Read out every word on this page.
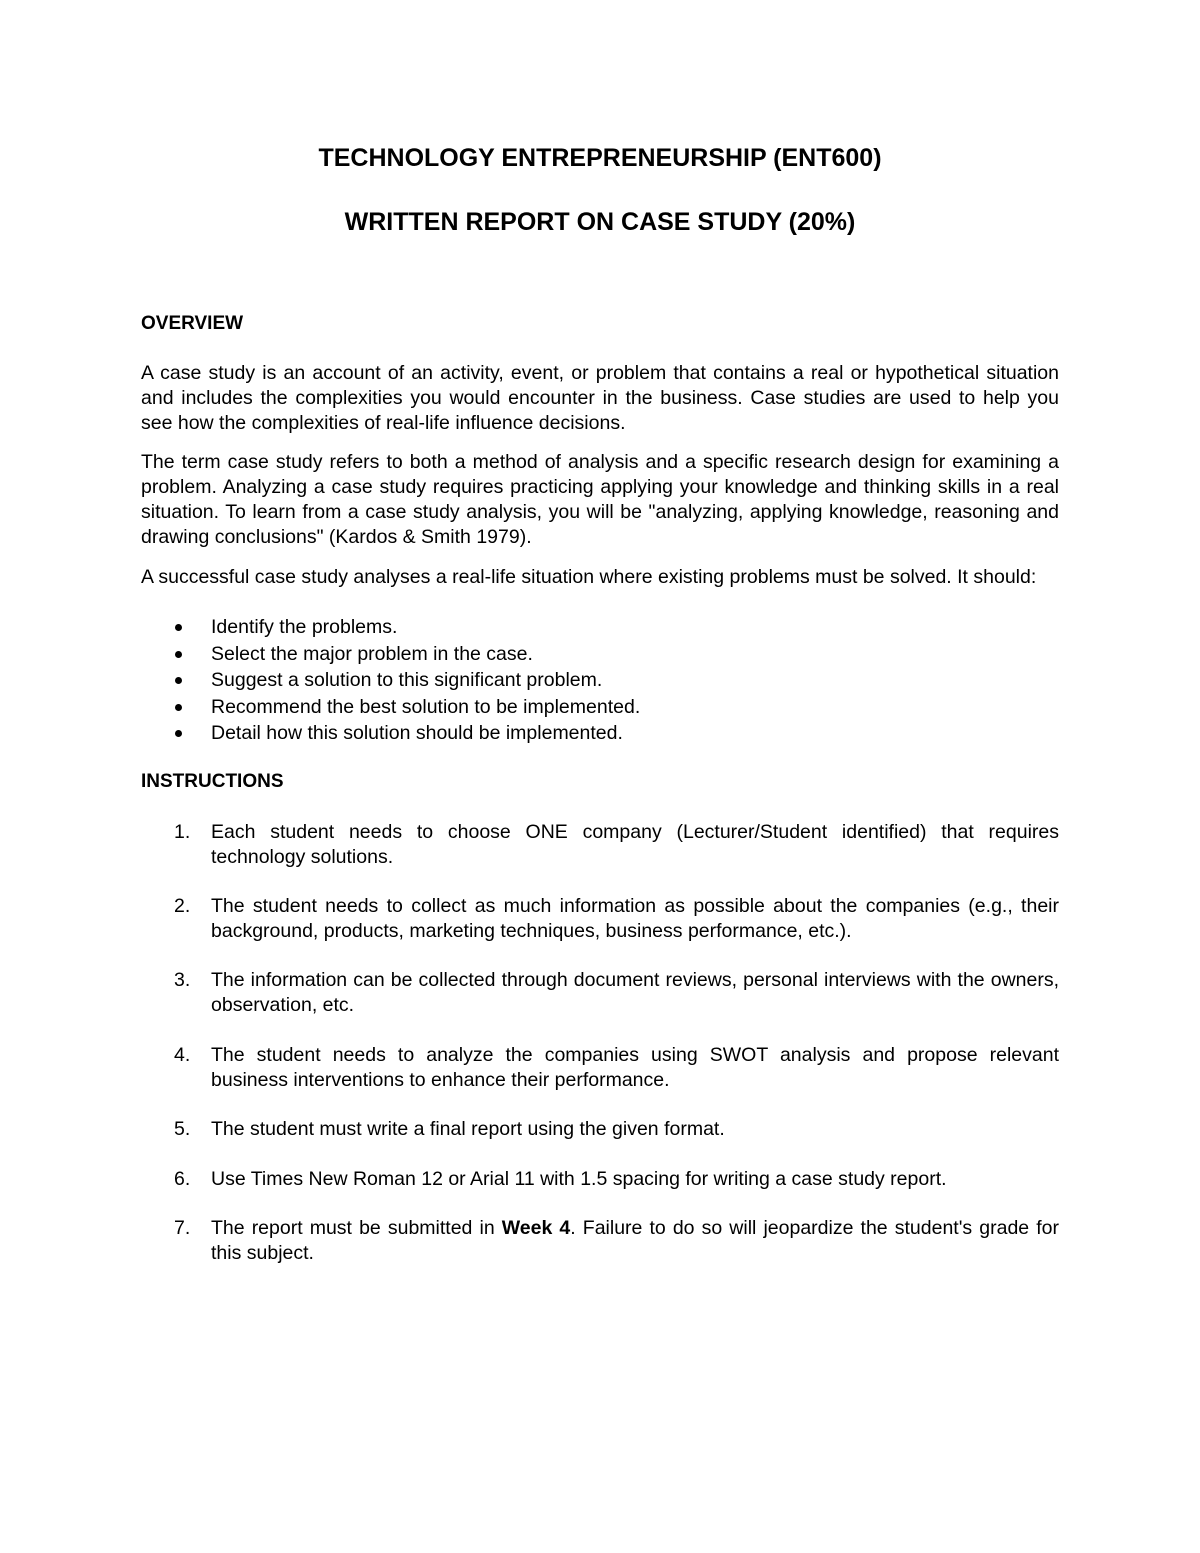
TECHNOLOGY ENTREPRENEURSHIP (ENT600)
WRITTEN REPORT ON CASE STUDY (20%)
OVERVIEW
A case study is an account of an activity, event, or problem that contains a real or hypothetical situation and includes the complexities you would encounter in the business. Case studies are used to help you see how the complexities of real-life influence decisions.
The term case study refers to both a method of analysis and a specific research design for examining a problem. Analyzing a case study requires practicing applying your knowledge and thinking skills in a real situation. To learn from a case study analysis, you will be "analyzing, applying knowledge, reasoning and drawing conclusions" (Kardos & Smith 1979).
A successful case study analyses a real-life situation where existing problems must be solved. It should:
Identify the problems.
Select the major problem in the case.
Suggest a solution to this significant problem.
Recommend the best solution to be implemented.
Detail how this solution should be implemented.
INSTRUCTIONS
1.	Each student needs to choose ONE company (Lecturer/Student identified) that requires technology solutions.
2.	The student needs to collect as much information as possible about the companies (e.g., their background, products, marketing techniques, business performance, etc.).
3.	The information can be collected through document reviews, personal interviews with the owners, observation, etc.
4.	The student needs to analyze the companies using SWOT analysis and propose relevant business interventions to enhance their performance.
5.	The student must write a final report using the given format.
6.	Use Times New Roman 12 or Arial 11 with 1.5 spacing for writing a case study report.
7.	The report must be submitted in Week 4. Failure to do so will jeopardize the student's grade for this subject.
